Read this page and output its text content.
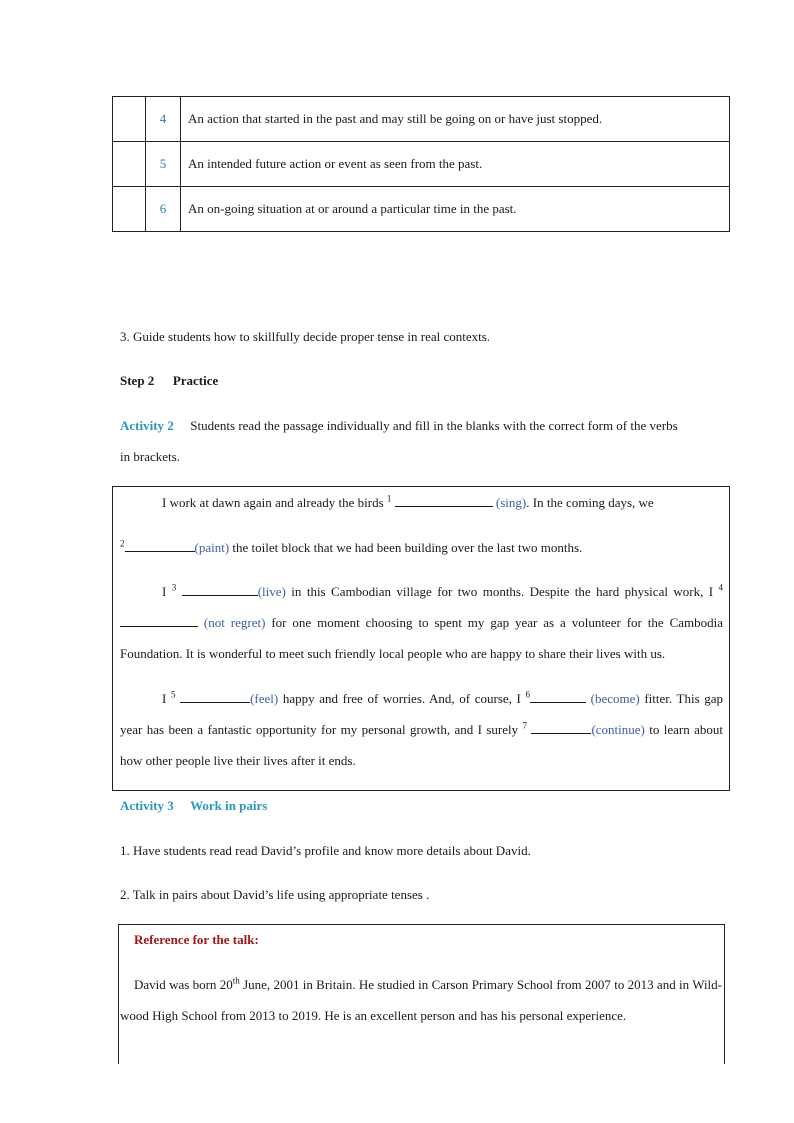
	4	An action that started in the past and may still be going on or have just stopped.
	5	An intended future action or event as seen from the past.
	6	An on-going situation at or around a particular time in the past.
3. Guide students how to skillfully decide proper tense in real contexts.
Step 2 Practice
Activity 2 Students read the passage individually and fill in the blanks with the correct form of the verbs
in brackets.
I work at dawn again and already the birds $^1$	(sing). In the coming days, we
$^2$	(paint) the toilet block that we had been building over the last two months.
I $^3$	(live) in this Cambodian village for two months. Despite the hard physical work, I $^4$ (not regret) for one moment choosing to spent my gap year as a volunteer for the Cambodia Foundation. It is wonderful to meet such friendly local people who are happy to share their lives with us.
I $^5$	(feel) happy and free of worries. And, of course, I $^6$	(become) fitter. This gap year has been a fantastic opportunity for my personal growth, and I surely $^7$	(continue) to learn about how other people live their lives after it ends.
Activity 3 Work in pairs
1. Have students read read David’s profile and know more details about David.
2. Talk in pairs about David’s life using appropriate tenses .
Reference for the talk:
David was born 20th June, 2001 in Britain. He studied in Carson Primary School from 2007 to 2013 and in Wild-wood High School from 2013 to 2019. He is an excellent person and has his personal experience.
